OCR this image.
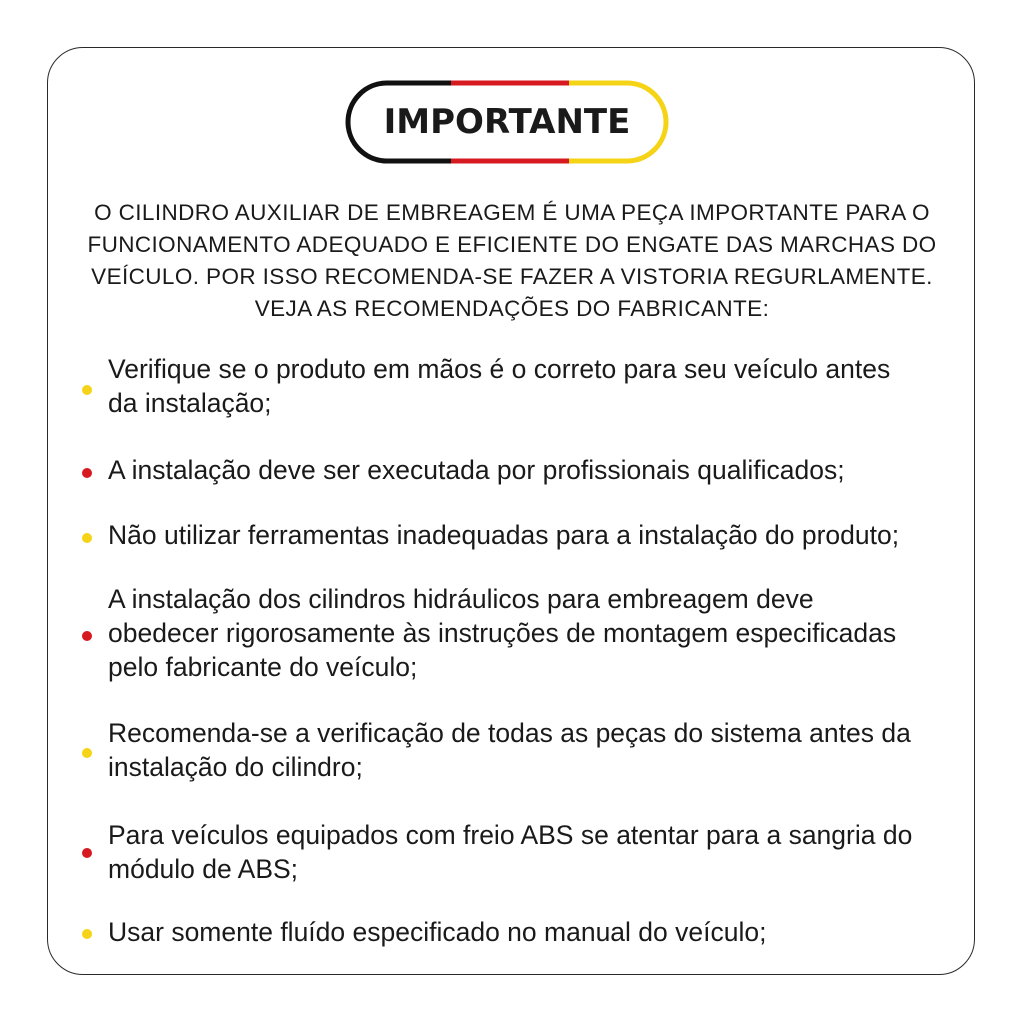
IMPORTANTE
O CILINDRO AUXILIAR DE EMBREAGEM É UMA PEÇA IMPORTANTE PARA O
FUNCIONAMENTO ADEQUADO E EFICIENTE DO ENGATE DAS MARCHAS DO
VEÍCULO. POR ISSO RECOMENDA-SE FAZER A VISTORIA REGURLAMENTE.
VEJA AS RECOMENDAÇÕES DO FABRICANTE:
Verifique se o produto em mãos é o correto para seu veículo antes
da instalação;
A instalação deve ser executada por profissionais qualificados;
Não utilizar ferramentas inadequadas para a instalação do produto;
A instalação dos cilindros hidráulicos para embreagem deve
obedecer rigorosamente às instruções de montagem especificadas
pelo fabricante do veículo;
Recomenda-se a verificação de todas as peças do sistema antes da
instalação do cilindro;
Para veículos equipados com freio ABS se atentar para a sangria do
módulo de ABS;
Usar somente fluído especificado no manual do veículo;
